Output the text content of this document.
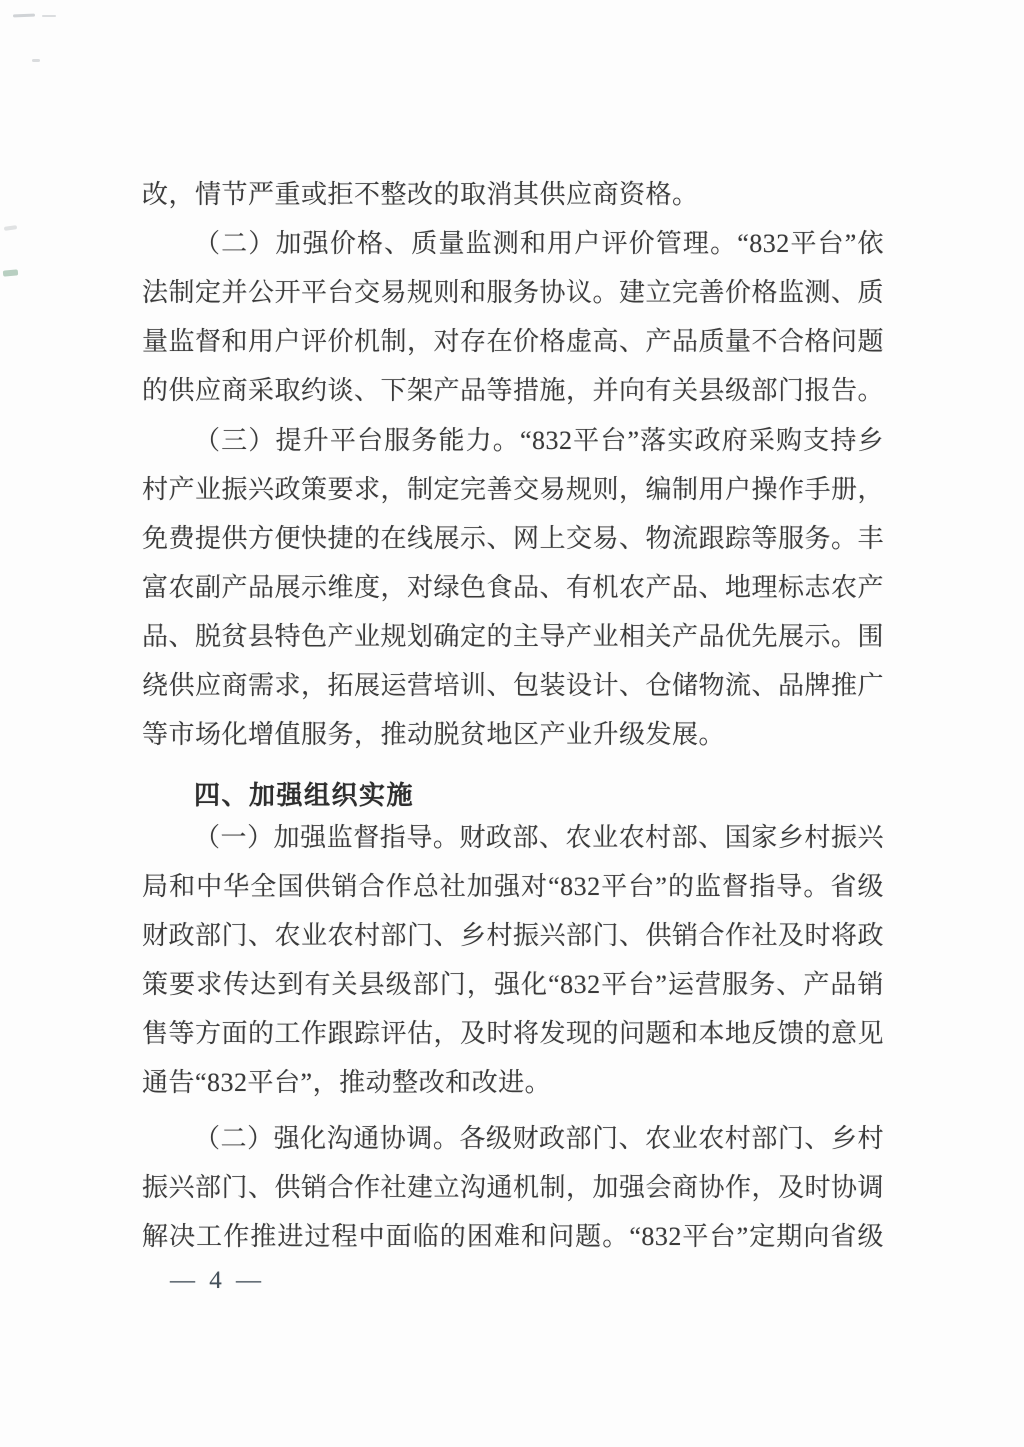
改，情节严重或拒不整改的取消其供应商资格。
（二）加强价格、质量监测和用户评价管理。“832平台”依
法制定并公开平台交易规则和服务协议。建立完善价格监测、质
量监督和用户评价机制，对存在价格虚高、产品质量不合格问题
的供应商采取约谈、下架产品等措施，并向有关县级部门报告。
（三）提升平台服务能力。“832平台”落实政府采购支持乡
村产业振兴政策要求，制定完善交易规则，编制用户操作手册，
免费提供方便快捷的在线展示、网上交易、物流跟踪等服务。丰
富农副产品展示维度，对绿色食品、有机农产品、地理标志农产
品、脱贫县特色产业规划确定的主导产业相关产品优先展示。围
绕供应商需求，拓展运营培训、包装设计、仓储物流、品牌推广
等市场化增值服务，推动脱贫地区产业升级发展。
四、加强组织实施
（一）加强监督指导。财政部、农业农村部、国家乡村振兴
局和中华全国供销合作总社加强对“832平台”的监督指导。省级
财政部门、农业农村部门、乡村振兴部门、供销合作社及时将政
策要求传达到有关县级部门，强化“832平台”运营服务、产品销
售等方面的工作跟踪评估，及时将发现的问题和本地反馈的意见
通告“832平台”，推动整改和改进。
（二）强化沟通协调。各级财政部门、农业农村部门、乡村
振兴部门、供销合作社建立沟通机制，加强会商协作，及时协调
解决工作推进过程中面临的困难和问题。“832平台”定期向省级
— 4 —
